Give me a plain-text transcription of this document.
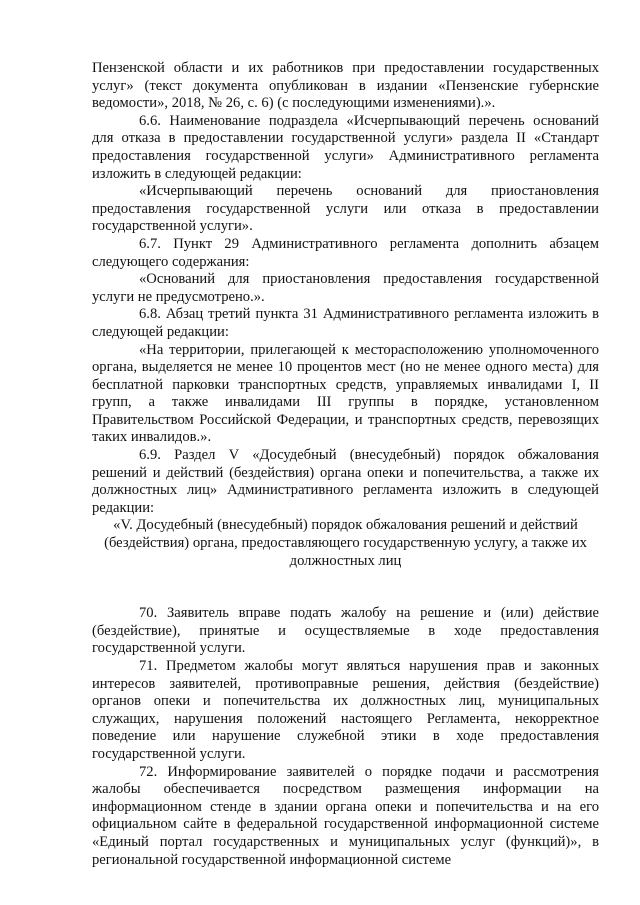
Пензенской области и их работников при предоставлении государственных услуг» (текст документа опубликован в издании «Пензенские губернские ведомости», 2018, № 26, с. 6) (с последующими изменениями).».

6.6. Наименование подраздела «Исчерпывающий перечень оснований для отказа в предоставлении государственной услуги» раздела II «Стандарт предоставления государственной услуги» Административного регламента изложить в следующей редакции:

«Исчерпывающий перечень оснований для приостановления предоставления государственной услуги или отказа в предоставлении государственной услуги».

6.7. Пункт 29 Административного регламента дополнить абзацем следующего содержания:

«Оснований для приостановления предоставления государственной услуги не предусмотрено.».

6.8. Абзац третий пункта 31 Административного регламента изложить в следующей редакции:

«На территории, прилегающей к месторасположению уполномоченного органа, выделяется не менее 10 процентов мест (но не менее одного места) для бесплатной парковки транспортных средств, управляемых инвалидами I, II групп, а также инвалидами III группы в порядке, установленном Правительством Российской Федерации, и транспортных средств, перевозящих таких инвалидов.».

6.9. Раздел V «Досудебный (внесудебный) порядок обжалования решений и действий (бездействия) органа опеки и попечительства, а также их должностных лиц» Административного регламента изложить в следующей редакции:

«V. Досудебный (внесудебный) порядок обжалования решений и действий (бездействия) органа, предоставляющего государственную услугу, а также их должностных лиц

70. Заявитель вправе подать жалобу на решение и (или) действие (бездействие), принятые и осуществляемые в ходе предоставления государственной услуги.

71. Предметом жалобы могут являться нарушения прав и законных интересов заявителей, противоправные решения, действия (бездействие) органов опеки и попечительства их должностных лиц, муниципальных служащих, нарушения положений настоящего Регламента, некорректное поведение или нарушение служебной этики в ходе предоставления государственной услуги.

72. Информирование заявителей о порядке подачи и рассмотрения жалобы обеспечивается посредством размещения информации на информационном стенде в здании органа опеки и попечительства и на его официальном сайте в федеральной государственной информационной системе «Единый портал государственных и муниципальных услуг (функций)», в региональной государственной информационной системе
